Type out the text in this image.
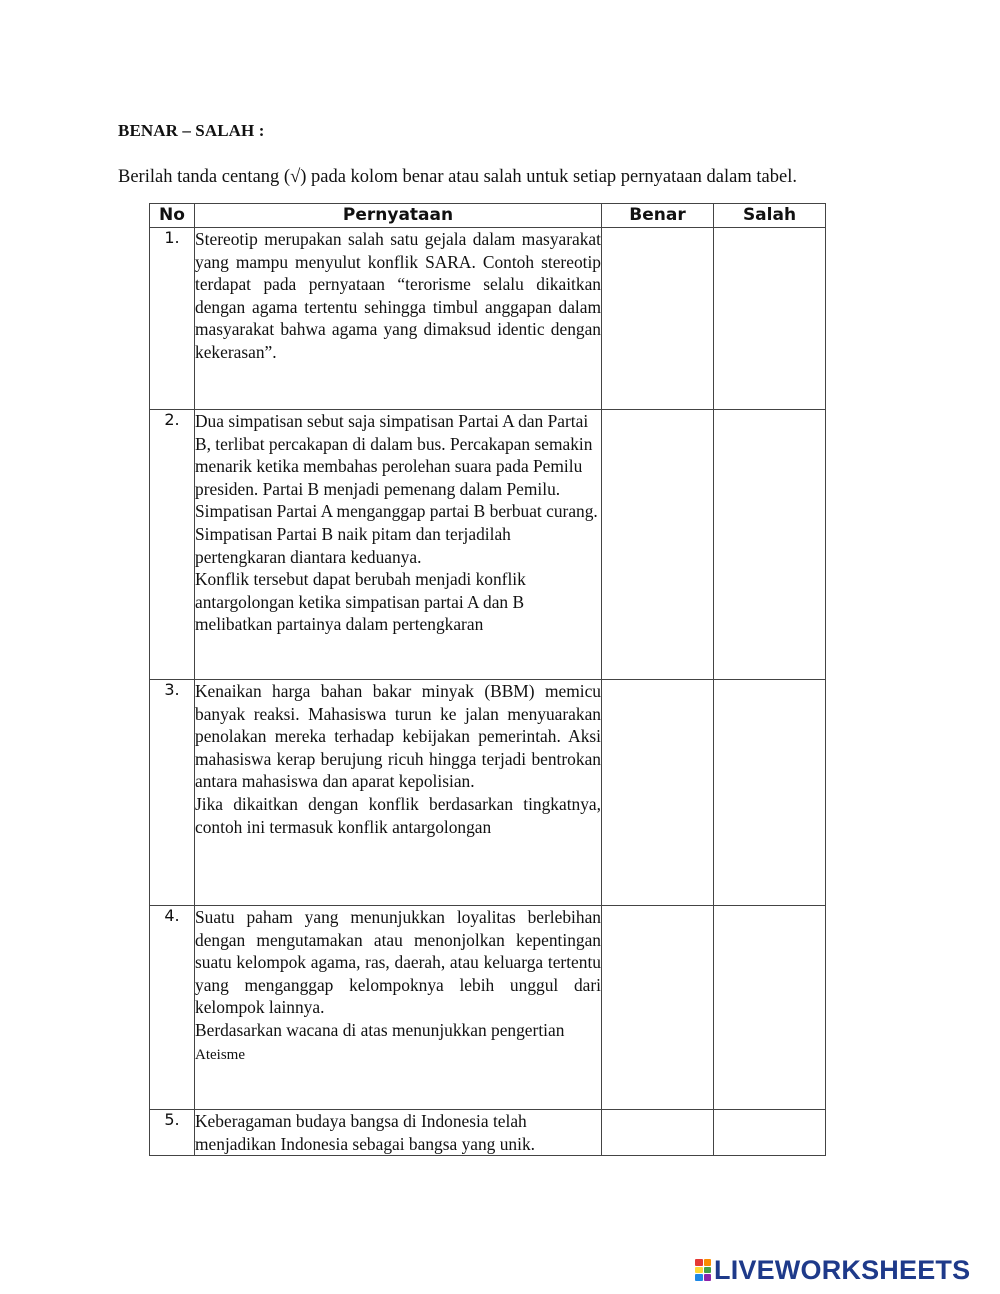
BENAR – SALAH :
Berilah tanda centang (√) pada kolom benar atau salah untuk setiap pernyataan dalam tabel.
No	Pernyataan	Benar	Salah
1.	Stereotip merupakan salah satu gejala dalam masyarakat yang mampu menyulut konflik SARA. Contoh stereotip terdapat pada pernyataan “terorisme selalu dikaitkan dengan agama tertentu sehingga timbul anggapan dalam masyarakat bahwa agama yang dimaksud identic dengan kekerasan”.		

2.	Dua simpatisan sebut saja simpatisan Partai A dan Partai B, terlibat percakapan di dalam bus. Percakapan semakin menarik ketika membahas perolehan suara pada Pemilu presiden. Partai B menjadi pemenang dalam Pemilu. Simpatisan Partai A menganggap partai B berbuat curang. Simpatisan Partai B naik pitam dan terjadilah pertengkaran diantara keduanya.
Konflik tersebut dapat berubah menjadi konflik antargolongan ketika simpatisan partai A dan B melibatkan partainya dalam pertengkaran		

3.	Kenaikan harga bahan bakar minyak (BBM) memicu banyak reaksi. Mahasiswa turun ke jalan menyuarakan penolakan mereka terhadap kebijakan pemerintah. Aksi mahasiswa kerap berujung ricuh hingga terjadi bentrokan antara mahasiswa dan aparat kepolisian.
Jika dikaitkan dengan konflik berdasarkan tingkatnya, contoh ini termasuk konflik antargolongan		

4.	Suatu paham yang menunjukkan loyalitas berlebihan dengan mengutamakan atau menonjolkan kepentingan suatu kelompok agama, ras, daerah, atau keluarga tertentu yang menganggap kelompoknya lebih unggul dari kelompok lainnya.
Berdasarkan wacana di atas menunjukkan pengertian Ateisme		

5.	Keberagaman budaya bangsa di Indonesia telah menjadikan Indonesia sebagai bangsa yang unik.		

LIVEWORKSHEETS
